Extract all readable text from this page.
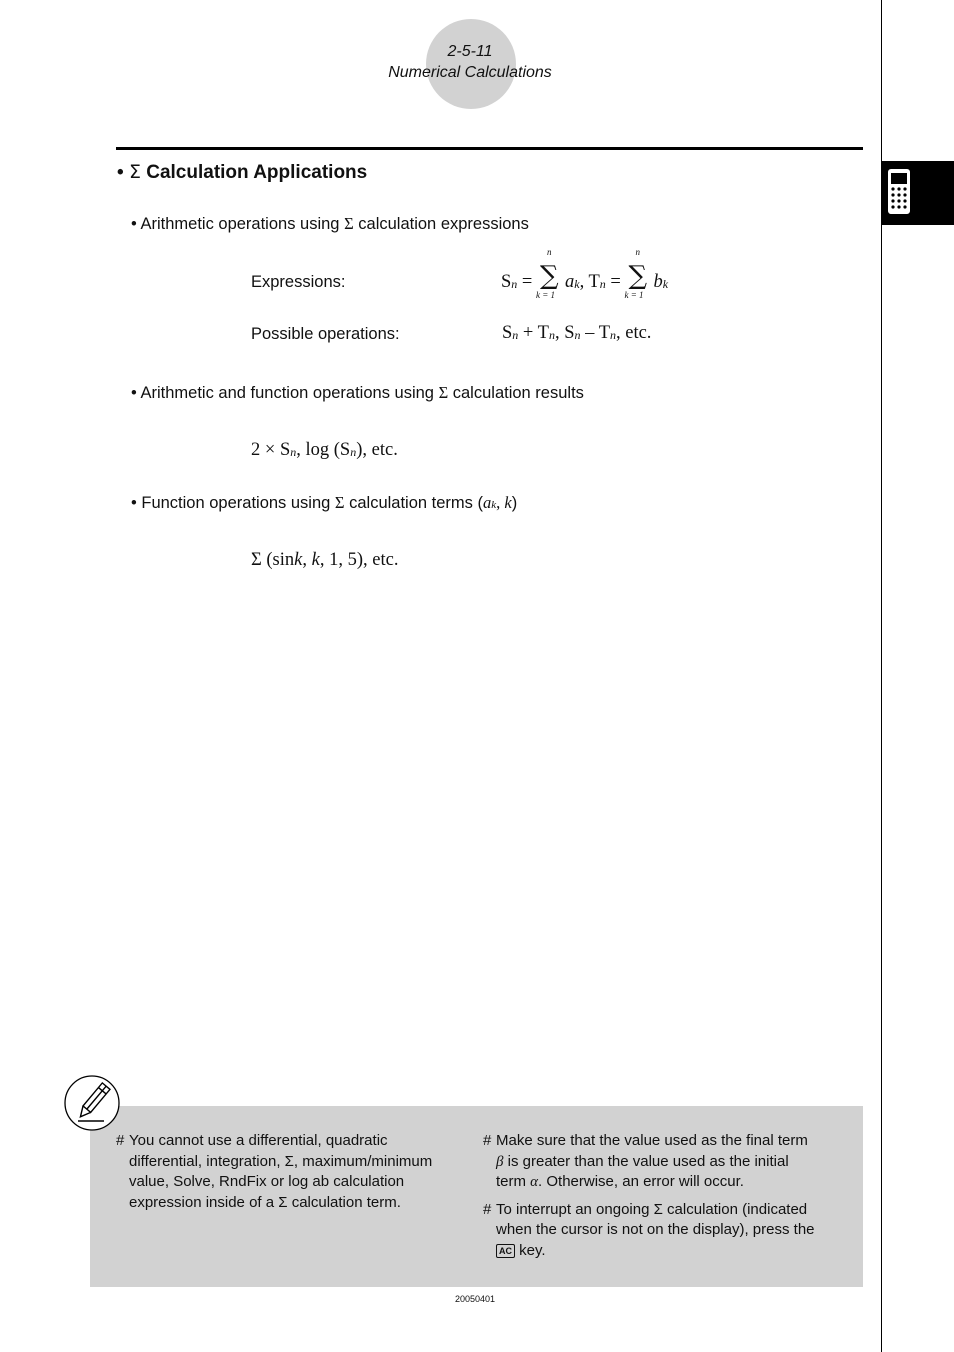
2-5-11
Numerical Calculations
• Σ Calculation Applications
• Arithmetic operations using Σ calculation expressions
Expressions:	Sn =
n
∑
k = 1
ak, Tn =
n
∑
k = 1
bk
Possible operations:	Sn + Tn, Sn – Tn, etc.
• Arithmetic and function operations using Σ calculation results
2 × Sn, log (Sn), etc.
• Function operations using Σ calculation terms (ak, k)
Σ (sink, k, 1, 5), etc.
# You cannot use a differential, quadratic
differential, integration, Σ, maximum/minimum
value, Solve, RndFix or log ab calculation
expression inside of a Σ calculation term.
# Make sure that the value used as the final term
β is greater than the value used as the initial
term α. Otherwise, an error will occur.
# To interrupt an ongoing Σ calculation (indicated
when the cursor is not on the display), press the
AC key.
20050401
